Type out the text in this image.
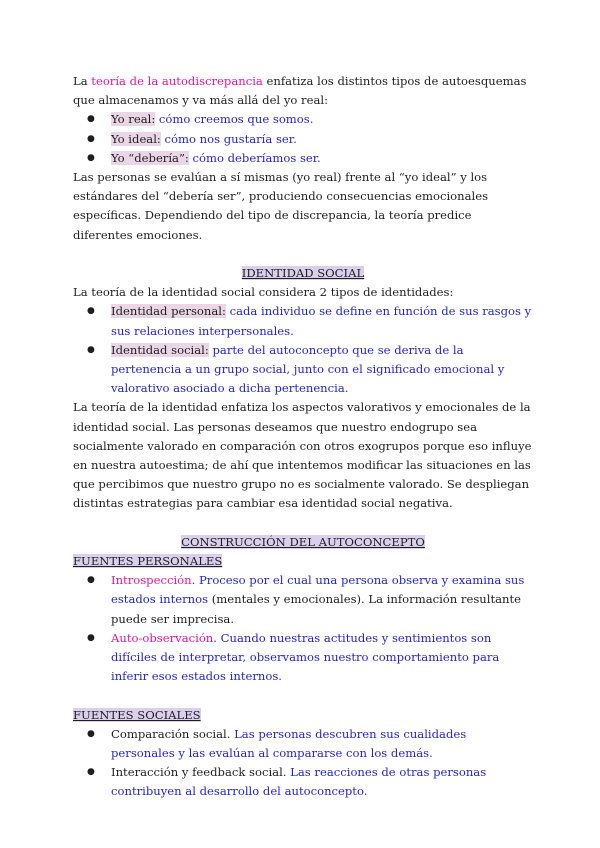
La teoría de la autodiscrepancia enfatiza los distintos tipos de autoesquemas que almacenamos y va más allá del yo real:

● Yo real: cómo creemos que somos.
● Yo ideal: cómo nos gustaría ser.
● Yo “debería”: cómo deberíamos ser.

Las personas se evalúan a sí mismas (yo real) frente al “yo ideal” y los estándares del “debería ser”, produciendo consecuencias emocionales específicas. Dependiendo del tipo de discrepancia, la teoría predice diferentes emociones.

IDENTIDAD SOCIAL

La teoría de la identidad social considera 2 tipos de identidades:

● Identidad personal: cada individuo se define en función de sus rasgos y sus relaciones interpersonales.
● Identidad social: parte del autoconcepto que se deriva de la pertenencia a un grupo social, junto con el significado emocional y valorativo asociado a dicha pertenencia.

La teoría de la identidad enfatiza los aspectos valorativos y emocionales de la identidad social. Las personas deseamos que nuestro endogrupo sea socialmente valorado en comparación con otros exogrupos porque eso influye en nuestra autoestima; de ahí que intentemos modificar las situaciones en las que percibimos que nuestro grupo no es socialmente valorado. Se despliegan distintas estrategias para cambiar esa identidad social negativa.

CONSTRUCCIÓN DEL AUTOCONCEPTO

FUENTES PERSONALES

● Introspección. Proceso por el cual una persona observa y examina sus estados internos (mentales y emocionales). La información resultante puede ser imprecisa.
● Auto-observación. Cuando nuestras actitudes y sentimientos son difíciles de interpretar, observamos nuestro comportamiento para inferir esos estados internos.

FUENTES SOCIALES

● Comparación social. Las personas descubren sus cualidades personales y las evalúan al compararse con los demás.
● Interacción y feedback social. Las reacciones de otras personas contribuyen al desarrollo del autoconcepto.
